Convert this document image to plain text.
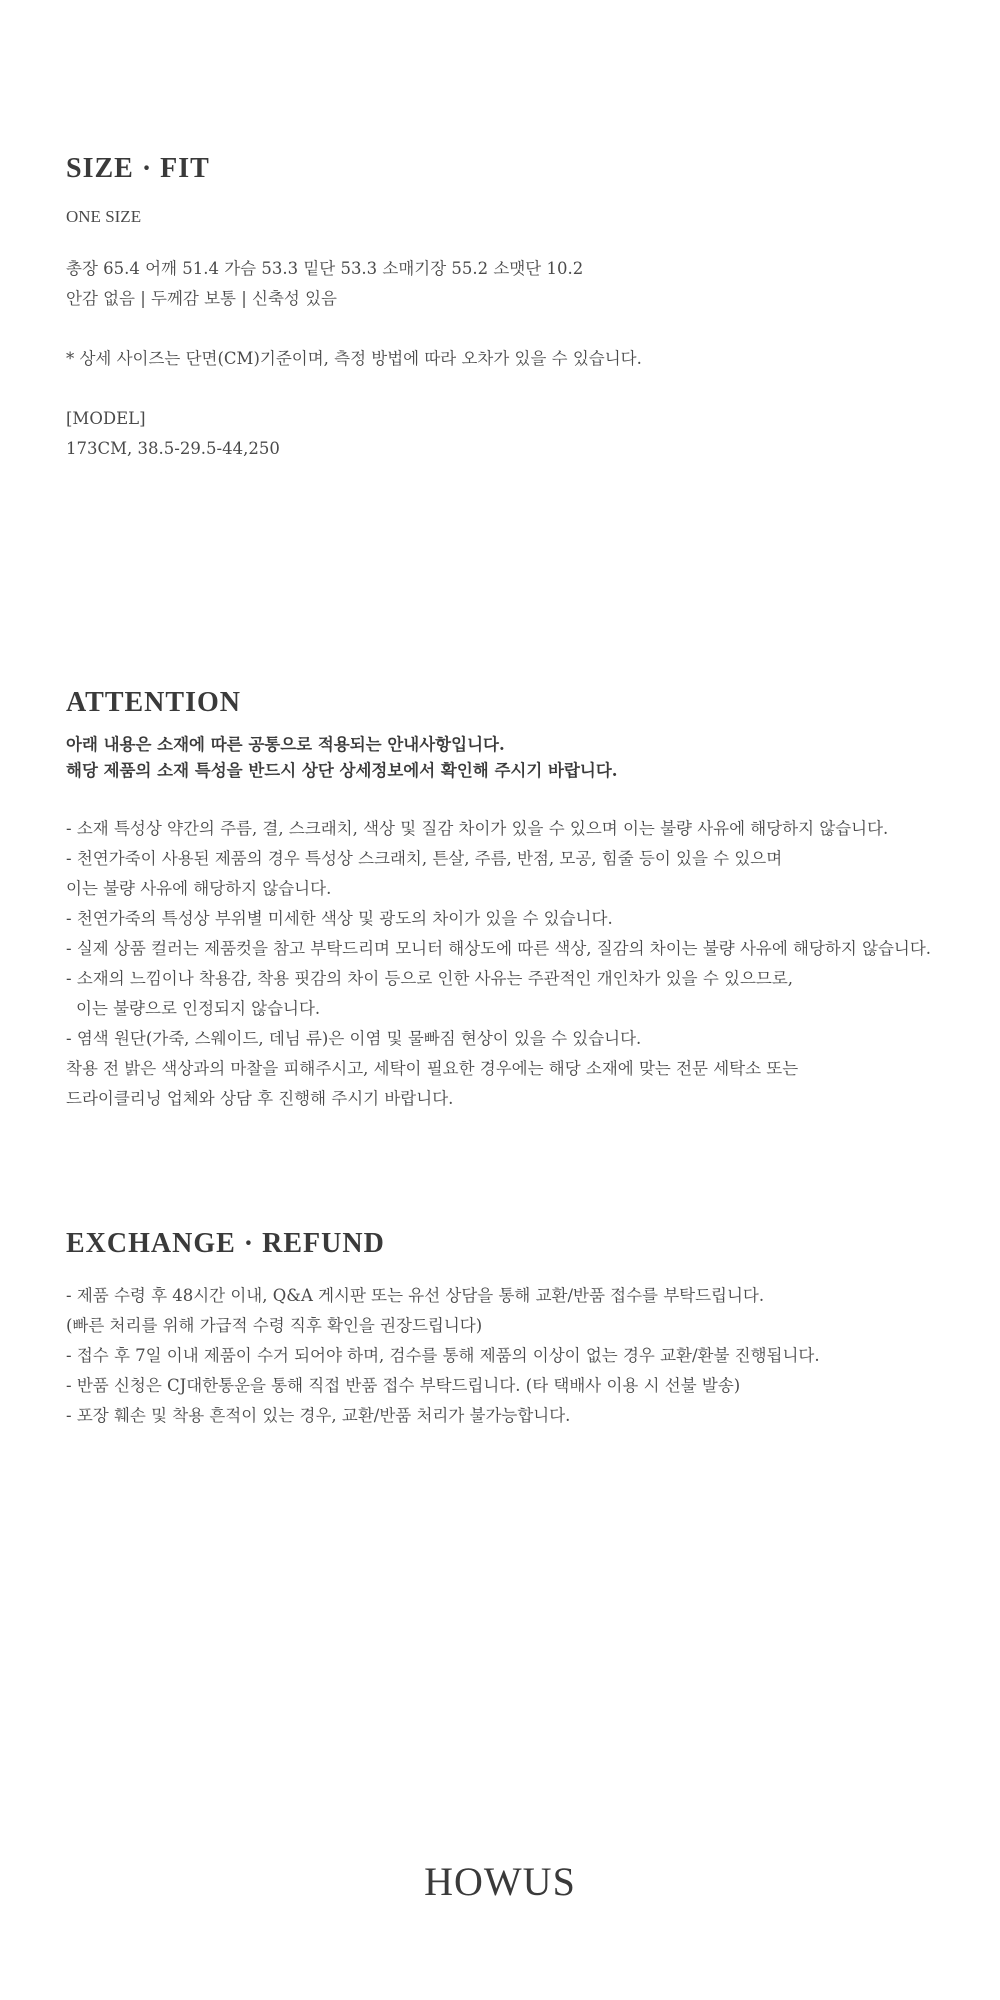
SIZE · FIT
ONE SIZE
총장 65.4 어깨 51.4 가슴 53.3 밑단 53.3 소매기장 55.2 소맷단 10.2
안감 없음 | 두께감 보통 | 신축성 있음
* 상세 사이즈는 단면(CM)기준이며, 측정 방법에 따라 오차가 있을 수 있습니다.
[MODEL]
173CM, 38.5-29.5-44,250
ATTENTION
아래 내용은 소재에 따른 공통으로 적용되는 안내사항입니다.
해당 제품의 소재 특성을 반드시 상단 상세정보에서 확인해 주시기 바랍니다.
- 소재 특성상 약간의 주름, 결, 스크래치, 색상 및 질감 차이가 있을 수 있으며 이는 불량 사유에 해당하지 않습니다.
- 천연가죽이 사용된 제품의 경우 특성상 스크래치, 튼살, 주름, 반점, 모공, 힘줄 등이 있을 수 있으며
이는 불량 사유에 해당하지 않습니다.
- 천연가죽의 특성상 부위별 미세한 색상 및 광도의 차이가 있을 수 있습니다.
- 실제 상품 컬러는 제품컷을 참고 부탁드리며 모니터 해상도에 따른 색상, 질감의 차이는 불량 사유에 해당하지 않습니다.
- 소재의 느낌이나 착용감, 착용 핏감의 차이 등으로 인한 사유는 주관적인 개인차가 있을 수 있으므로,
이는 불량으로 인정되지 않습니다.
- 염색 원단(가죽, 스웨이드, 데님 류)은 이염 및 물빠짐 현상이 있을 수 있습니다.
착용 전 밝은 색상과의 마찰을 피해주시고, 세탁이 필요한 경우에는 해당 소재에 맞는 전문 세탁소 또는
드라이클리닝 업체와 상담 후 진행해 주시기 바랍니다.
EXCHANGE · REFUND
- 제품 수령 후 48시간 이내, Q&A 게시판 또는 유선 상담을 통해 교환/반품 접수를 부탁드립니다.
(빠른 처리를 위해 가급적 수령 직후 확인을 권장드립니다)
- 접수 후 7일 이내 제품이 수거 되어야 하며, 검수를 통해 제품의 이상이 없는 경우 교환/환불 진행됩니다.
- 반품 신청은 CJ대한통운을 통해 직접 반품 접수 부탁드립니다. (타 택배사 이용 시 선불 발송)
- 포장 훼손 및 착용 흔적이 있는 경우, 교환/반품 처리가 불가능합니다.
HOWUS
